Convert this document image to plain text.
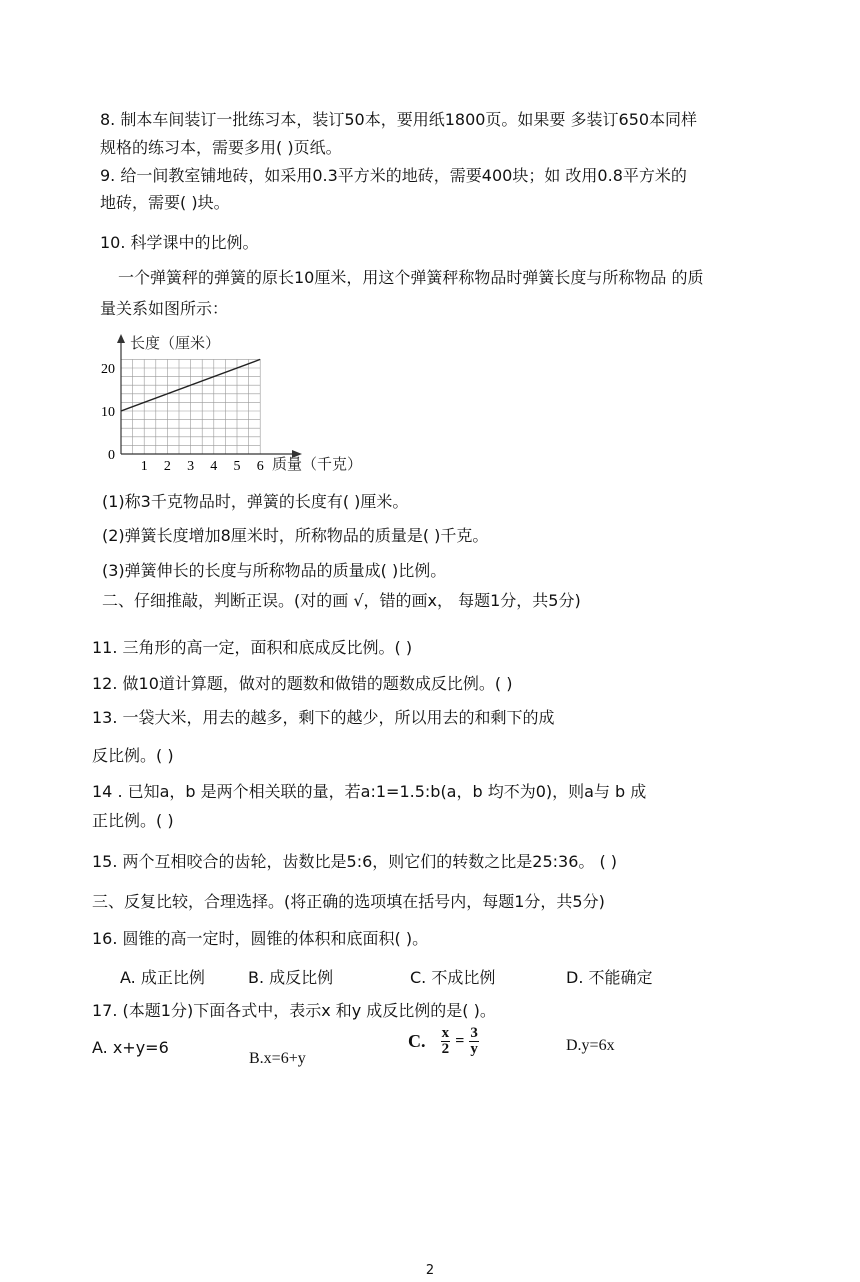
8. 制本车间装订一批练习本，装订50本，要用纸1800页。如果要 多装订650本同样
规格的练习本，需要多用( )页纸。
9. 给一间教室铺地砖，如采用0.3平方米的地砖，需要400块；如 改用0.8平方米的
地砖，需要( )块。
10. 科学课中的比例。
一个弹簧秤的弹簧的原长10厘米，用这个弹簧秤称物品时弹簧长度与所称物品 的质
量关系如图所示：
长度（厘米）
质量（千克）
1 2 3 4 5 6
0
10
20
(1)称3千克物品时，弹簧的长度有( )厘米。
(2)弹簧长度增加8厘米时，所称物品的质量是( )千克。
(3)弹簧伸长的长度与所称物品的质量成( )比例。
二、仔细推敲，判断正误。(对的画 √，错的画x， 每题1分，共5分)
11. 三角形的高一定，面积和底成反比例。( )
12. 做10道计算题，做对的题数和做错的题数成反比例。( )
13. 一袋大米，用去的越多，剩下的越少，所以用去的和剩下的成
反比例。( )
14 . 已知a，b 是两个相关联的量，若a:1=1.5:b(a，b 均不为0)，则a与 b 成
正比例。( )
15. 两个互相咬合的齿轮，齿数比是5:6，则它们的转数之比是25:36。 ( )
三、反复比较，合理选择。(将正确的选项填在括号内，每题1分，共5分)
16. 圆锥的高一定时，圆锥的体积和底面积( )。
A. 成正比例	B. 成反比例	C. 不成比例	D. 不能确定
17. (本题1分)下面各式中，表示x 和y 成反比例的是( )。
A. x+y=6
B.x=6+y
C. $\frac{x}{2} = \frac{3}{y}$	D.y=6x
2
